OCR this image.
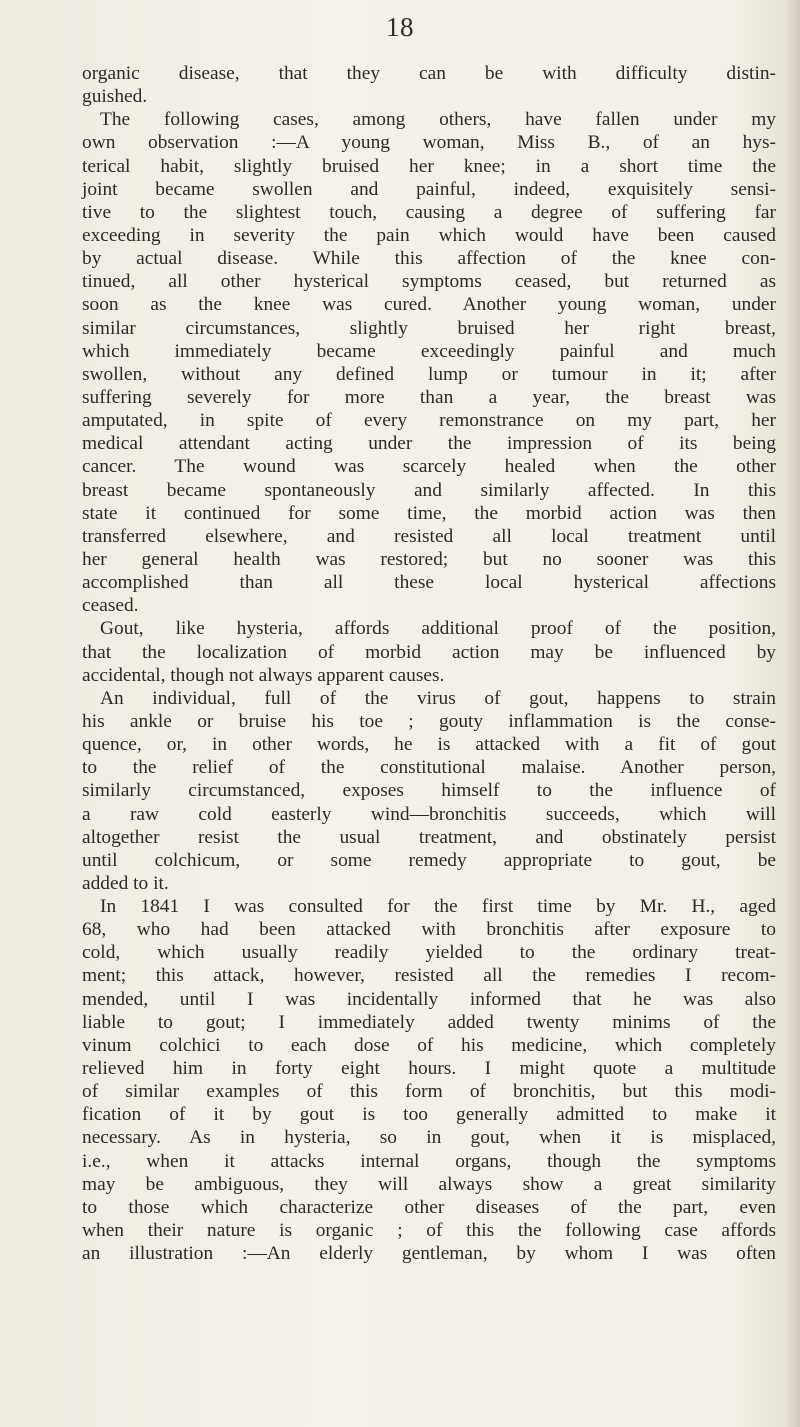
18
organic disease, that they can be with difficulty distin-
guished.
The following cases, among others, have fallen under my
own observation :—A young woman, Miss B., of an hys-
terical habit, slightly bruised her knee; in a short time the
joint became swollen and painful, indeed, exquisitely sensi-
tive to the slightest touch, causing a degree of suffering far
exceeding in severity the pain which would have been caused
by actual disease. While this affection of the knee con-
tinued, all other hysterical symptoms ceased, but returned as
soon as the knee was cured. Another young woman, under
similar circumstances, slightly bruised her right breast,
which immediately became exceedingly painful and much
swollen, without any defined lump or tumour in it; after
suffering severely for more than a year, the breast was
amputated, in spite of every remonstrance on my part, her
medical attendant acting under the impression of its being
cancer. The wound was scarcely healed when the other
breast became spontaneously and similarly affected. In this
state it continued for some time, the morbid action was then
transferred elsewhere, and resisted all local treatment until
her general health was restored; but no sooner was this
accomplished than all these local hysterical affections
ceased.
Gout, like hysteria, affords additional proof of the position,
that the localization of morbid action may be influenced by
accidental, though not always apparent causes.
An individual, full of the virus of gout, happens to strain
his ankle or bruise his toe ; gouty inflammation is the conse-
quence, or, in other words, he is attacked with a fit of gout
to the relief of the constitutional malaise. Another person,
similarly circumstanced, exposes himself to the influence of
a raw cold easterly wind—bronchitis succeeds, which will
altogether resist the usual treatment, and obstinately persist
until colchicum, or some remedy appropriate to gout, be
added to it.
In 1841 I was consulted for the first time by Mr. H., aged
68, who had been attacked with bronchitis after exposure to
cold, which usually readily yielded to the ordinary treat-
ment; this attack, however, resisted all the remedies I recom-
mended, until I was incidentally informed that he was also
liable to gout; I immediately added twenty minims of the
vinum colchici to each dose of his medicine, which completely
relieved him in forty eight hours. I might quote a multitude
of similar examples of this form of bronchitis, but this modi-
fication of it by gout is too generally admitted to make it
necessary. As in hysteria, so in gout, when it is misplaced,
i.e., when it attacks internal organs, though the symptoms
may be ambiguous, they will always show a great similarity
to those which characterize other diseases of the part, even
when their nature is organic ; of this the following case affords
an illustration :—An elderly gentleman, by whom I was often
